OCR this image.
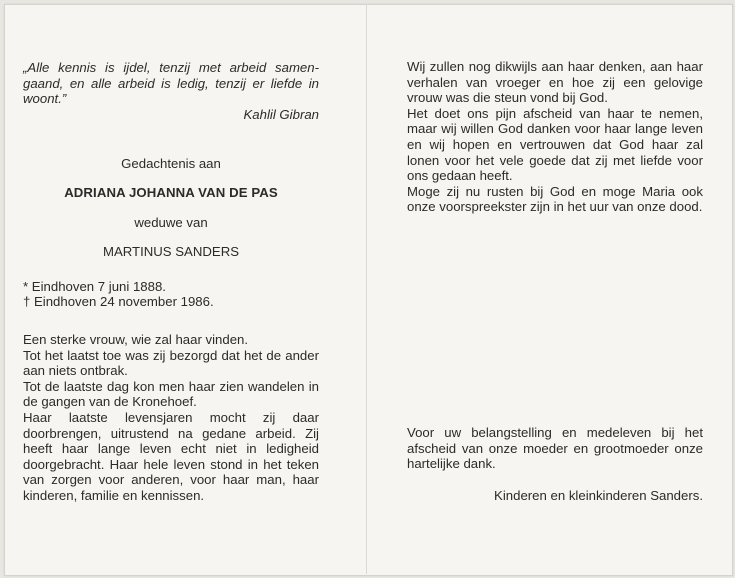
„Alle kennis is ijdel, tenzij met arbeid samen-gaand, en alle arbeid is ledig, tenzij er liefde in woont.”

Kahlil Gibran

Gedachtenis aan

ADRIANA JOHANNA VAN DE PAS

weduwe van

MARTINUS SANDERS

* Eindhoven 7 juni 1888.

† Eindhoven 24 november 1986.

Een sterke vrouw, wie zal haar vinden.

Tot het laatst toe was zij bezorgd dat het de ander aan niets ontbrak.

Tot de laatste dag kon men haar zien wandelen in de gangen van de Kronehoef.

Haar laatste levensjaren mocht zij daar doorbrengen, uitrustend na gedane arbeid. Zij heeft haar lange leven echt niet in ledigheid doorgebracht. Haar hele leven stond in het teken van zorgen voor anderen, voor haar man, haar kinderen, familie en kennissen.

Wij zullen nog dikwijls aan haar denken, aan haar verhalen van vroeger en hoe zij een gelovige vrouw was die steun vond bij God.

Het doet ons pijn afscheid van haar te nemen, maar wij willen God danken voor haar lange leven en wij hopen en vertrouwen dat God haar zal lonen voor het vele goede dat zij met liefde voor ons gedaan heeft.

Moge zij nu rusten bij God en moge Maria ook onze voorspreekster zijn in het uur van onze dood.

Voor uw belangstelling en medeleven bij het afscheid van onze moeder en grootmoeder onze hartelijke dank.

Kinderen en kleinkinderen Sanders.
